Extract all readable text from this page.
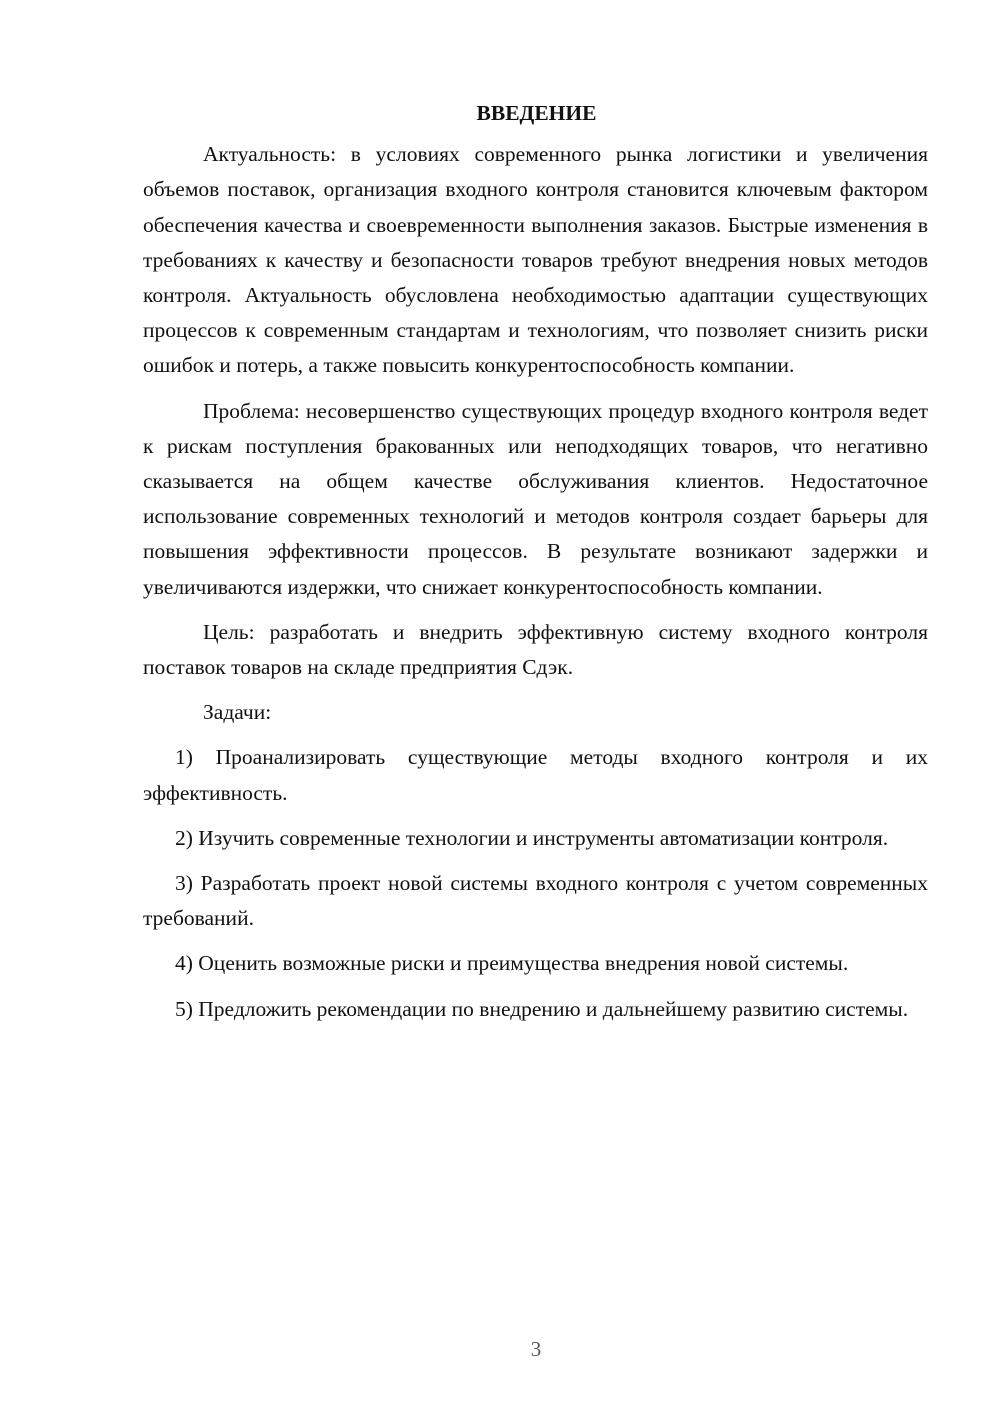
ВВЕДЕНИЕ

Актуальность: в условиях современного рынка логистики и увеличения объемов поставок, организация входного контроля становится ключевым фактором обеспечения качества и своевременности выполнения заказов. Быстрые изменения в требованиях к качеству и безопасности товаров требуют внедрения новых методов контроля. Актуальность обусловлена необходимостью адаптации существующих процессов к современным стандартам и технологиям, что позволяет снизить риски ошибок и потерь, а также повысить конкурентоспособность компании.

Проблема: несовершенство существующих процедур входного контроля ведет к рискам поступления бракованных или неподходящих товаров, что негативно сказывается на общем качестве обслуживания клиентов. Недостаточное использование современных технологий и методов контроля создает барьеры для повышения эффективности процессов. В результате возникают задержки и увеличиваются издержки, что снижает конкурентоспособность компании.

Цель: разработать и внедрить эффективную систему входного контроля поставок товаров на складе предприятия Сдэк.

Задачи:

1) Проанализировать существующие методы входного контроля и их эффективность.
2) Изучить современные технологии и инструменты автоматизации контроля.
3) Разработать проект новой системы входного контроля с учетом современных требований.
4) Оценить возможные риски и преимущества внедрения новой системы.
5) Предложить рекомендации по внедрению и дальнейшему развитию системы.
3
